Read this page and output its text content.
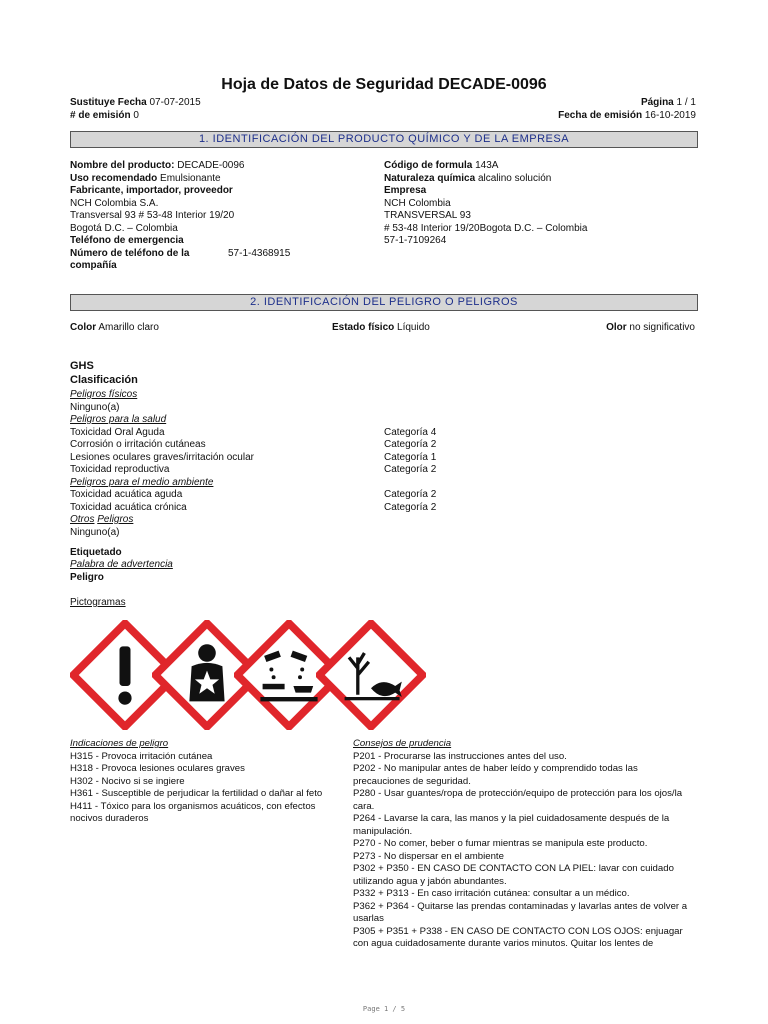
Hoja de Datos de Seguridad DECADE-0096
Sustituye Fecha 07-07-2015
# de emisión 0
Página 1 / 1
Fecha de emisión 16-10-2019
1. IDENTIFICACIÓN DEL PRODUCTO QUÍMICO Y DE LA EMPRESA
Nombre del producto: DECADE-0096
Uso recomendado Emulsionante
Fabricante, importador, proveedor
NCH Colombia S.A.
Transversal 93 # 53-48 Interior 19/20
Bogotá D.C. – Colombia
Teléfono de emergencia
Número de teléfono de la	57-1-4368915
compañía
Código de formula 143A
Naturaleza química alcalino solución
Empresa
NCH Colombia
TRANSVERSAL 93
# 53-48 Interior 19/20Bogota D.C. – Colombia
57-1-7109264
2. IDENTIFICACIÓN DEL PELIGRO O PELIGROS
Color Amarillo claro	Estado físico Líquido	Olor no significativo
GHS
Clasificación
Peligros físicos
Ninguno(a)
Peligros para la salud
Toxicidad Oral Aguda	Categoría 4
Corrosión o irritación cutáneas	Categoría 2
Lesiones oculares graves/irritación ocular	Categoría 1
Toxicidad reproductiva	Categoría 2
Peligros para el medio ambiente
Toxicidad acuática aguda	Categoría 2
Toxicidad acuática crónica	Categoría 2
Otros Peligros
Ninguno(a)
Etiquetado
Palabra de advertencia
Peligro
Pictogramas
Indicaciones de peligro
H315 - Provoca irritación cutánea
H318 - Provoca lesiones oculares graves
H302 - Nocivo si se ingiere
H361 - Susceptible de perjudicar la fertilidad o dañar al feto
H411 - Tóxico para los organismos acuáticos, con efectos
nocivos duraderos
Consejos de prudencia
P201 - Procurarse las instrucciones antes del uso.
P202 - No manipular antes de haber leído y comprendido todas las
precauciones de seguridad.
P280 - Usar guantes/ropa de protección/equipo de protección para los ojos/la
cara.
P264 - Lavarse la cara, las manos y la piel cuidadosamente después de la
manipulación.
P270 - No comer, beber o fumar mientras se manipula este producto.
P273 - No dispersar en el ambiente
P302 + P350 - EN CASO DE CONTACTO CON LA PIEL: lavar con cuidado
utilizando agua y jabón abundantes.
P332 + P313 - En caso irritación cutánea: consultar a un médico.
P362 + P364 - Quitarse las prendas contaminadas y lavarlas antes de volver a
usarlas
P305 + P351 + P338 - EN CASO DE CONTACTO CON LOS OJOS: enjuagar
con agua cuidadosamente durante varios minutos. Quitar los lentes de
Page 1 / 5
